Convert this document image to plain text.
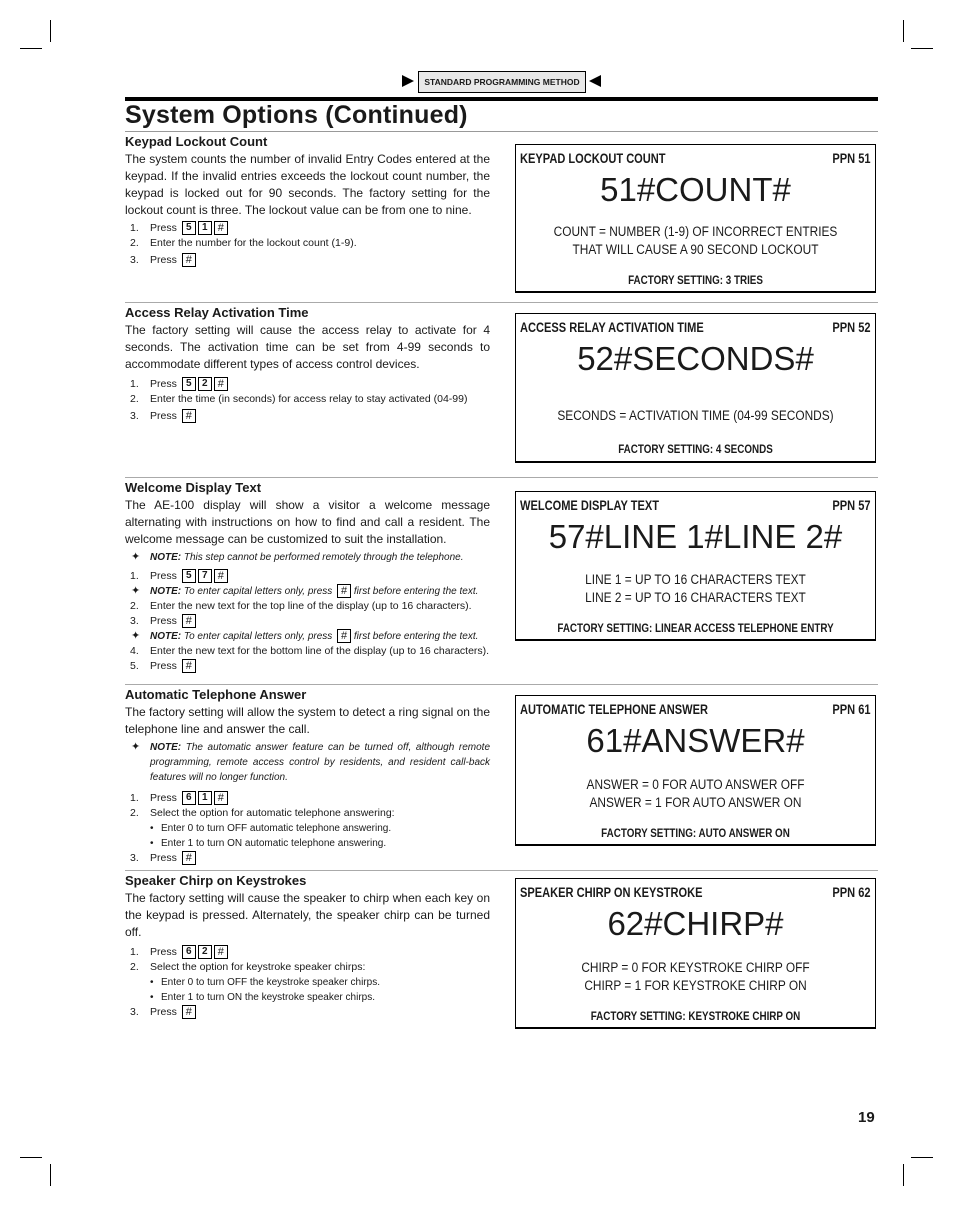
STANDARD PROGRAMMING METHOD
System Options (Continued)
Keypad Lockout Count

The system counts the number of invalid Entry Codes entered at the keypad. If the invalid entries exceeds the lockout count number, the keypad is locked out for 90 seconds. The factory setting for the lockout count is three. The lockout value can be from one to nine.

1. Press 5 1 #
2. Enter the number for the lockout count (1-9).
3. Press #
KEYPAD LOCKOUT COUNT	PPN 51
51#COUNT#
COUNT = NUMBER (1-9) OF INCORRECT ENTRIES
THAT WILL CAUSE A 90 SECOND LOCKOUT
FACTORY SETTING: 3 TRIES
Access Relay Activation Time

The factory setting will cause the access relay to activate for 4 seconds. The activation time can be set from 4-99 seconds to accommodate different types of access control devices.

1. Press 5 2 #
2. Enter the time (in seconds) for access relay to stay activated (04-99)
3. Press #
ACCESS RELAY ACTIVATION TIME	PPN 52
52#SECONDS#
SECONDS = ACTIVATION TIME (04-99 SECONDS)
FACTORY SETTING: 4 SECONDS
Welcome Display Text

The AE-100 display will show a visitor a welcome message alternating with instructions on how to find and call a resident. The welcome message can be customized to suit the installation.

✦ NOTE: This step cannot be performed remotely through the telephone.
1. Press 5 7 #
✦ NOTE: To enter capital letters only, press # first before entering the text.
2. Enter the new text for the top line of the display (up to 16 characters).
3. Press #
✦ NOTE: To enter capital letters only, press # first before entering the text.
4. Enter the new text for the bottom line of the display (up to 16 characters).
5. Press #
WELCOME DISPLAY TEXT	PPN 57
57#LINE 1#LINE 2#
LINE 1 = UP TO 16 CHARACTERS TEXT
LINE 2 = UP TO 16 CHARACTERS TEXT
FACTORY SETTING: LINEAR ACCESS TELEPHONE ENTRY
Automatic Telephone Answer

The factory setting will allow the system to detect a ring signal on the telephone line and answer the call.

✦ NOTE: The automatic answer feature can be turned off, although remote programming, remote access control by residents, and resident call-back features will no longer function.
1. Press 6 1 #
2. Select the option for automatic telephone answering:
• Enter 0 to turn OFF automatic telephone answering.
• Enter 1 to turn ON automatic telephone answering.
3. Press #
AUTOMATIC TELEPHONE ANSWER	PPN 61
61#ANSWER#
ANSWER = 0 FOR AUTO ANSWER OFF
ANSWER = 1 FOR AUTO ANSWER ON
FACTORY SETTING: AUTO ANSWER ON
Speaker Chirp on Keystrokes

The factory setting will cause the speaker to chirp when each key on the keypad is pressed. Alternately, the speaker chirp can be turned off.

1. Press 6 2 #
2. Select the option for keystroke speaker chirps:
• Enter 0 to turn OFF the keystroke speaker chirps.
• Enter 1 to turn ON the keystroke speaker chirps.
3. Press #
SPEAKER CHIRP ON KEYSTROKE	PPN 62
62#CHIRP#
CHIRP = 0 FOR KEYSTROKE CHIRP OFF
CHIRP = 1 FOR KEYSTROKE CHIRP ON
FACTORY SETTING: KEYSTROKE CHIRP ON
19
